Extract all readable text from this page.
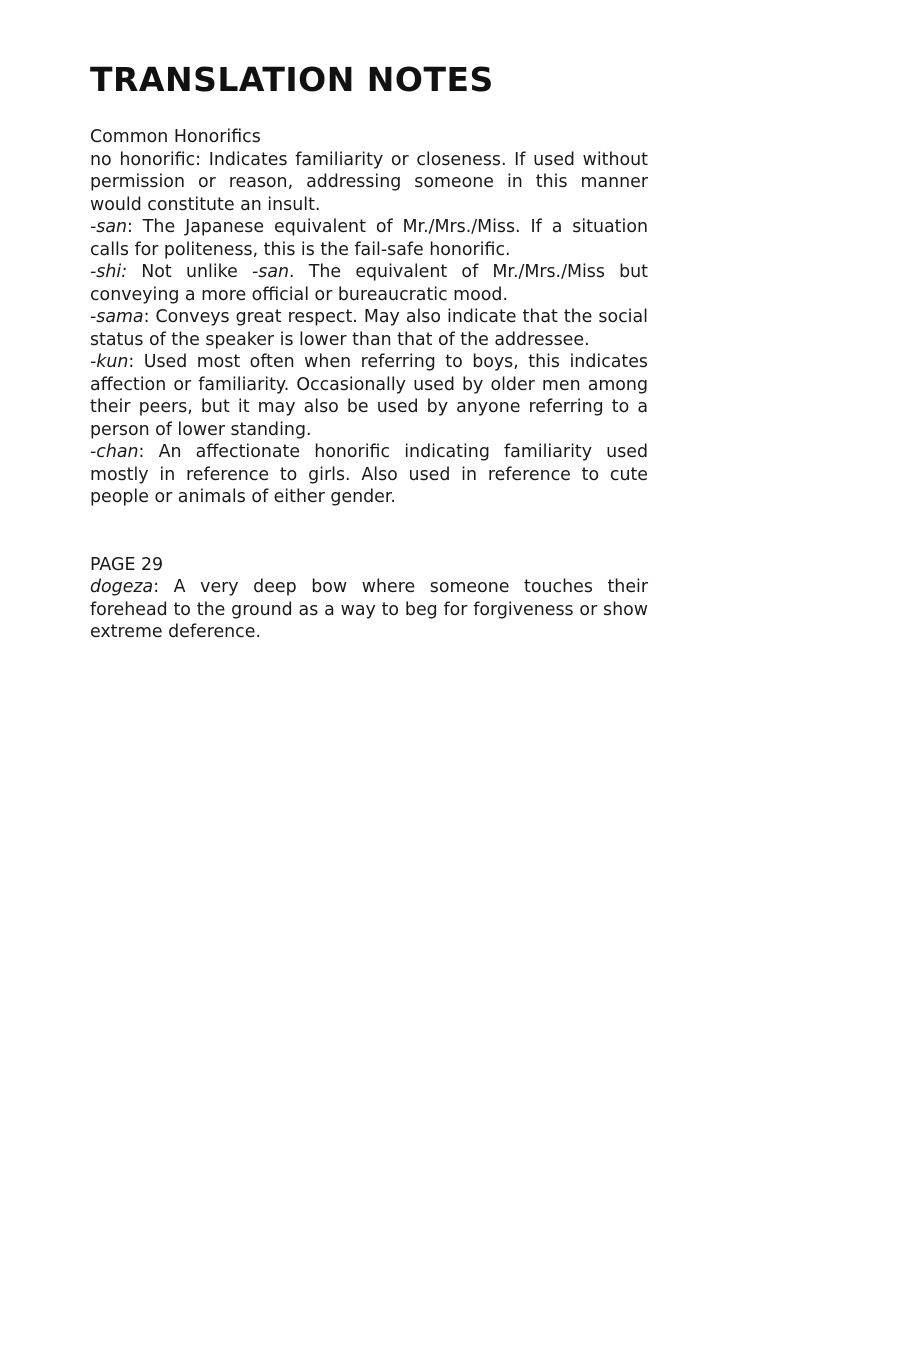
TRANSLATION NOTES

Common Honorifics

no honorific: Indicates familiarity or closeness. If used without permission or reason, addressing someone in this manner would constitute an insult.

-san: The Japanese equivalent of Mr./Mrs./Miss. If a situation calls for politeness, this is the fail-safe honorific.

-shi: Not unlike -san. The equivalent of Mr./Mrs./Miss but conveying a more official or bureaucratic mood.

-sama: Conveys great respect. May also indicate that the social status of the speaker is lower than that of the addressee.

-kun: Used most often when referring to boys, this indicates affection or familiarity. Occasionally used by older men among their peers, but it may also be used by anyone referring to a person of lower standing.

-chan: An affectionate honorific indicating familiarity used mostly in reference to girls. Also used in reference to cute people or animals of either gender.

PAGE 29

dogeza: A very deep bow where someone touches their forehead to the ground as a way to beg for forgiveness or show extreme deference.
